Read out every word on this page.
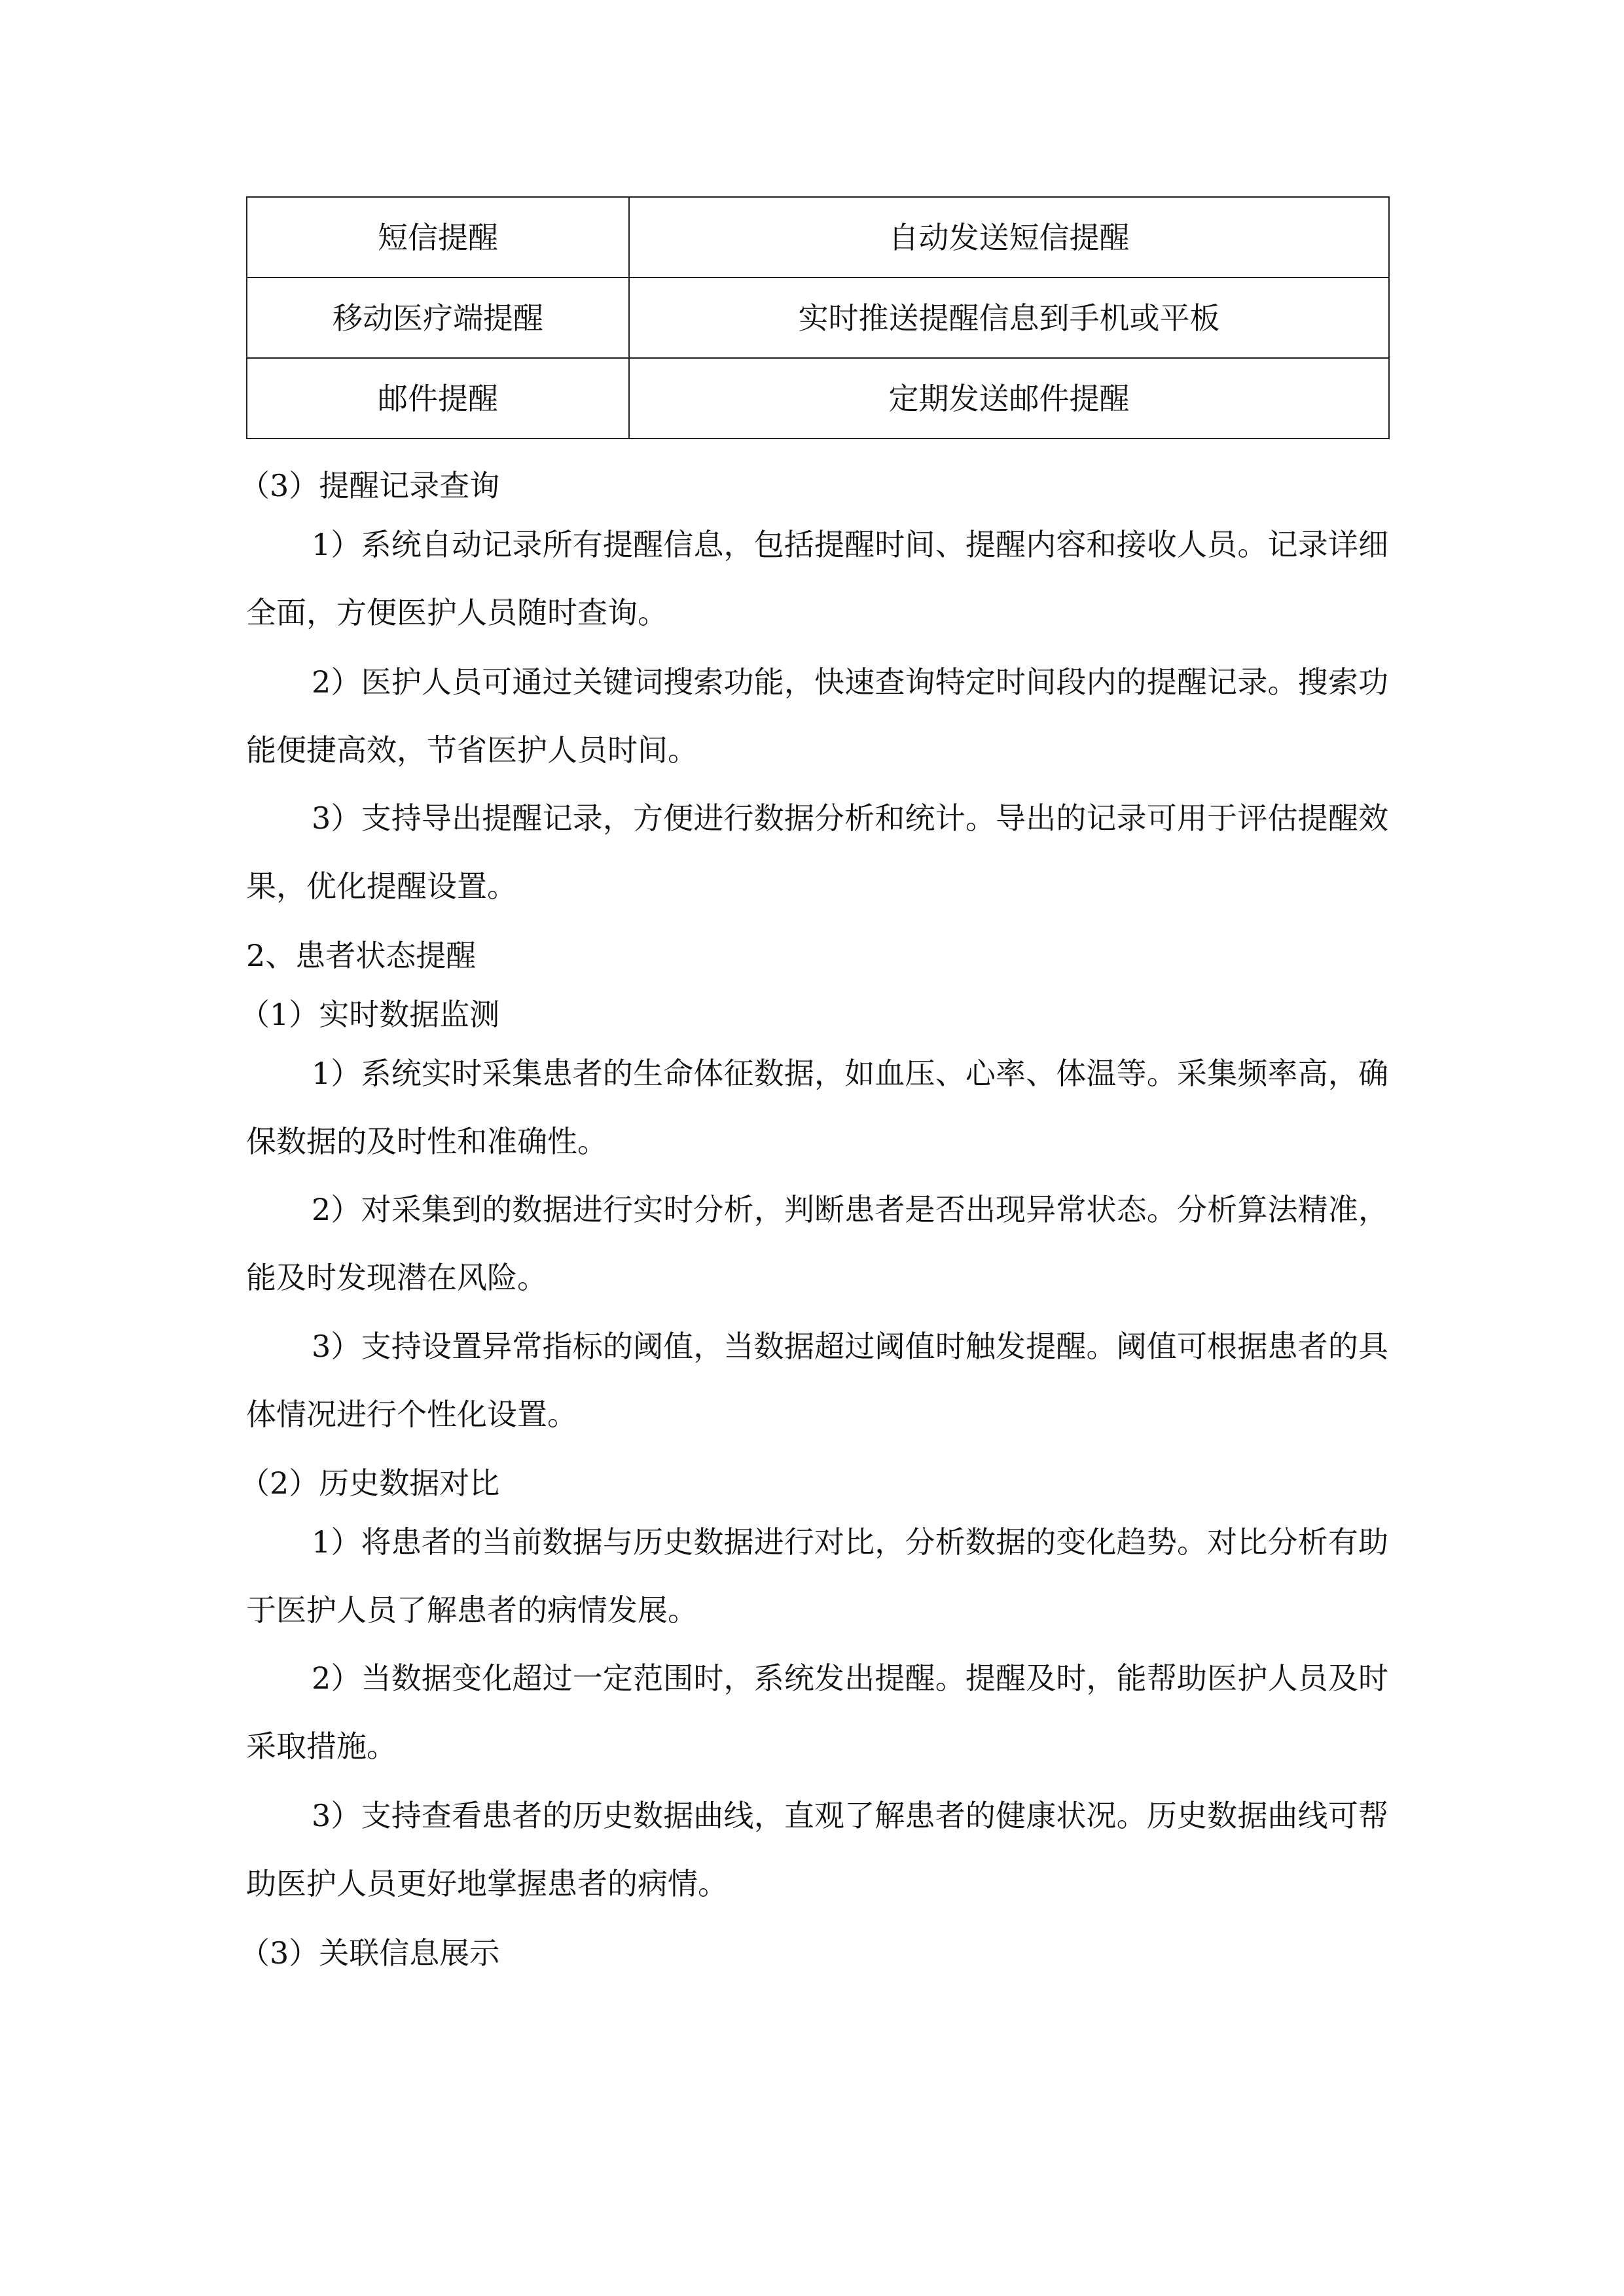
短信提醒	自动发送短信提醒
移动医疗端提醒	实时推送提醒信息到手机或平板
邮件提醒	定期发送邮件提醒
（3）提醒记录查询
1）系统自动记录所有提醒信息，包括提醒时间、提醒内容和接收人员。记录详细全面，方便医护人员随时查询。
2）医护人员可通过关键词搜索功能，快速查询特定时间段内的提醒记录。搜索功能便捷高效，节省医护人员时间。
3）支持导出提醒记录，方便进行数据分析和统计。导出的记录可用于评估提醒效果，优化提醒设置。
2、患者状态提醒
（1）实时数据监测
1）系统实时采集患者的生命体征数据，如血压、心率、体温等。采集频率高，确保数据的及时性和准确性。
2）对采集到的数据进行实时分析，判断患者是否出现异常状态。分析算法精准，能及时发现潜在风险。
3）支持设置异常指标的阈值，当数据超过阈值时触发提醒。阈值可根据患者的具体情况进行个性化设置。
（2）历史数据对比
1）将患者的当前数据与历史数据进行对比，分析数据的变化趋势。对比分析有助于医护人员了解患者的病情发展。
2）当数据变化超过一定范围时，系统发出提醒。提醒及时，能帮助医护人员及时采取措施。
3）支持查看患者的历史数据曲线，直观了解患者的健康状况。历史数据曲线可帮助医护人员更好地掌握患者的病情。
（3）关联信息展示
